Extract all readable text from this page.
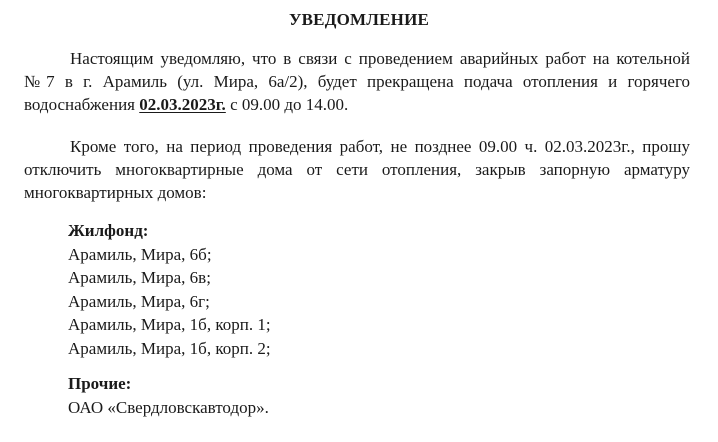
УВЕДОМЛЕНИЕ
Настоящим уведомляю, что в связи с проведением аварийных работ на котельной №7 в г. Арамиль (ул. Мира, 6а/2), будет прекращена подача отопления и горячего водоснабжения 02.03.2023г. с 09.00 до 14.00.
Кроме того, на период проведения работ, не позднее 09.00 ч. 02.03.2023г., прошу отключить многоквартирные дома от сети отопления, закрыв запорную арматуру многоквартирных домов:
Жилфонд:
Арамиль, Мира, 6б;
Арамиль, Мира, 6в;
Арамиль, Мира, 6г;
Арамиль, Мира, 1б, корп. 1;
Арамиль, Мира, 1б, корп. 2;
Прочие:
ОАО «Свердловскавтодор».
